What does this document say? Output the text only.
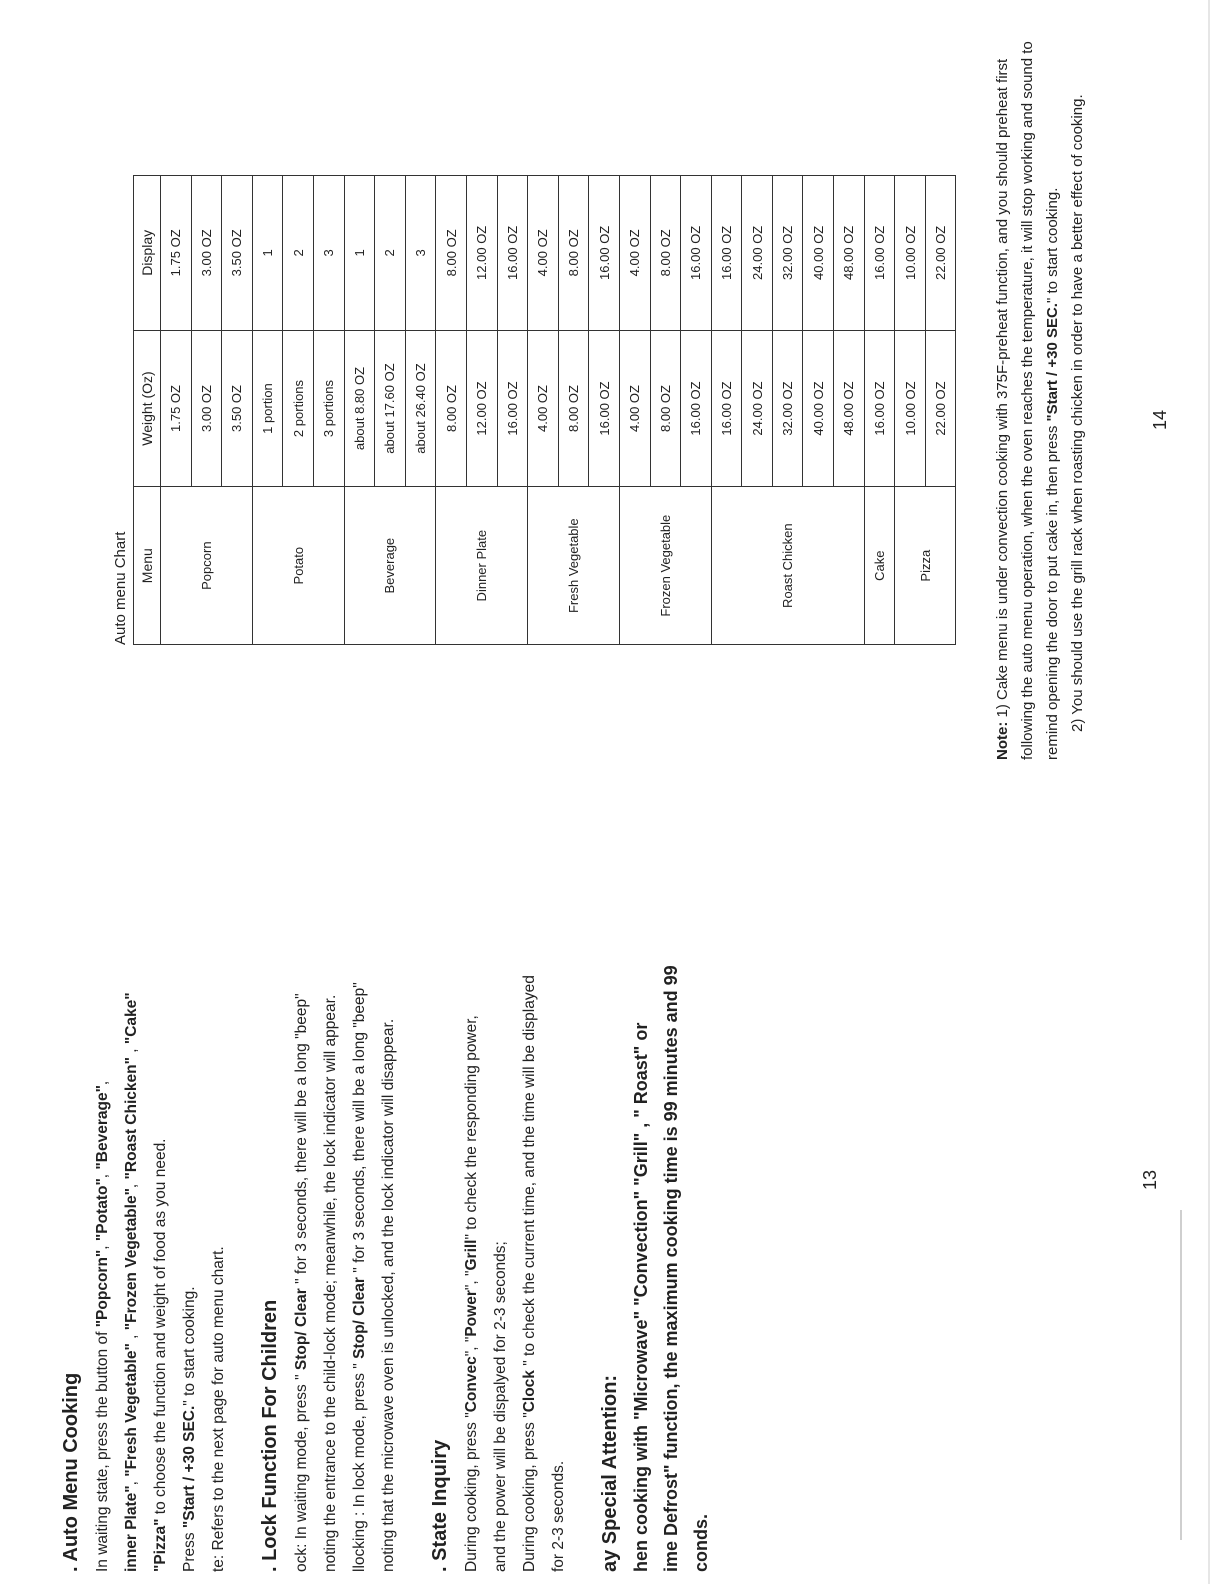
. Auto Menu Cooking In waiting state, press the button of "Popcorn", "Potato", "Beverage",

inner Plate", "Fresh Vegetable" , "Frozen Vegetable", "Roast Chicken" , "Cake"

"Pizza" to choose the function and weight of food as you need.

Press "Start / +30 SEC." to start cooking.

te: Refers to the next page for auto menu chart.	. Lock Function For Children ock: In waiting mode, press " Stop/ Clear " for 3 seconds, there will be a long "beep" noting the entrance to the child-lock mode; meanwhile, the lock indicator will appear. llocking : In lock mode, press " Stop/ Clear " for 3 seconds, there will be a long "beep" noting that the microwave oven is unlocked, and the lock indicator will disappear.	. State Inquiry During cooking, press "Convec", "Power", "Grill" to check the responding power,

and the power will be dispalyed for 2-3 seconds; During cooking, press "Clock " to check the current time, and the time will be displayed

for 2-3 seconds.	ay Special Attention: hen cooking with "Microwave" "Convection" "Grill" , " Roast" or ime Defrost" function, the maximum cooking time is 99 minutes and 99 conds.

13
14
Auto menu Chart Menu	Weight (Oz)	Display
Popcorn	1.75 OZ	1.75 OZ
	3.00 OZ	3.00 OZ
	3.50 OZ	3.50 OZ
Potato	1 portion	1
	2 portions	2
	3 portions	3
Beverage	about 8.80 OZ	1
	about 17.60 OZ	2
	about 26.40 OZ	3
Dinner Plate	8.00 OZ	8.00 OZ
	12.00 OZ	12.00 OZ
	16.00 OZ	16.00 OZ
Fresh Vegetable	4.00 OZ	4.00 OZ
	8.00 OZ	8.00 OZ
	16.00 OZ	16.00 OZ
Frozen Vegetable	4.00 OZ	4.00 OZ
	8.00 OZ	8.00 OZ
	16.00 OZ	16.00 OZ
Roast Chicken	16.00 OZ	16.00 OZ
	24.00 OZ	24.00 OZ
	32.00 OZ	32.00 OZ
	40.00 OZ	40.00 OZ
	48.00 OZ	48.00 OZ
Cake	16.00 OZ	16.00 OZ
Pizza	10.00 OZ	10.00 OZ
	22.00 OZ	22.00 OZ

Note: 1) Cake menu is under convection cooking with 375F-preheat function, and you should preheat first following the auto menu operation, when the oven reaches the temperature, it will stop working and sound to remind opening the door to put cake in, then press "Start / +30 SEC." to start cooking. 2) You should use the grill rack when roasting chicken in order to have a better effect of cooking.
